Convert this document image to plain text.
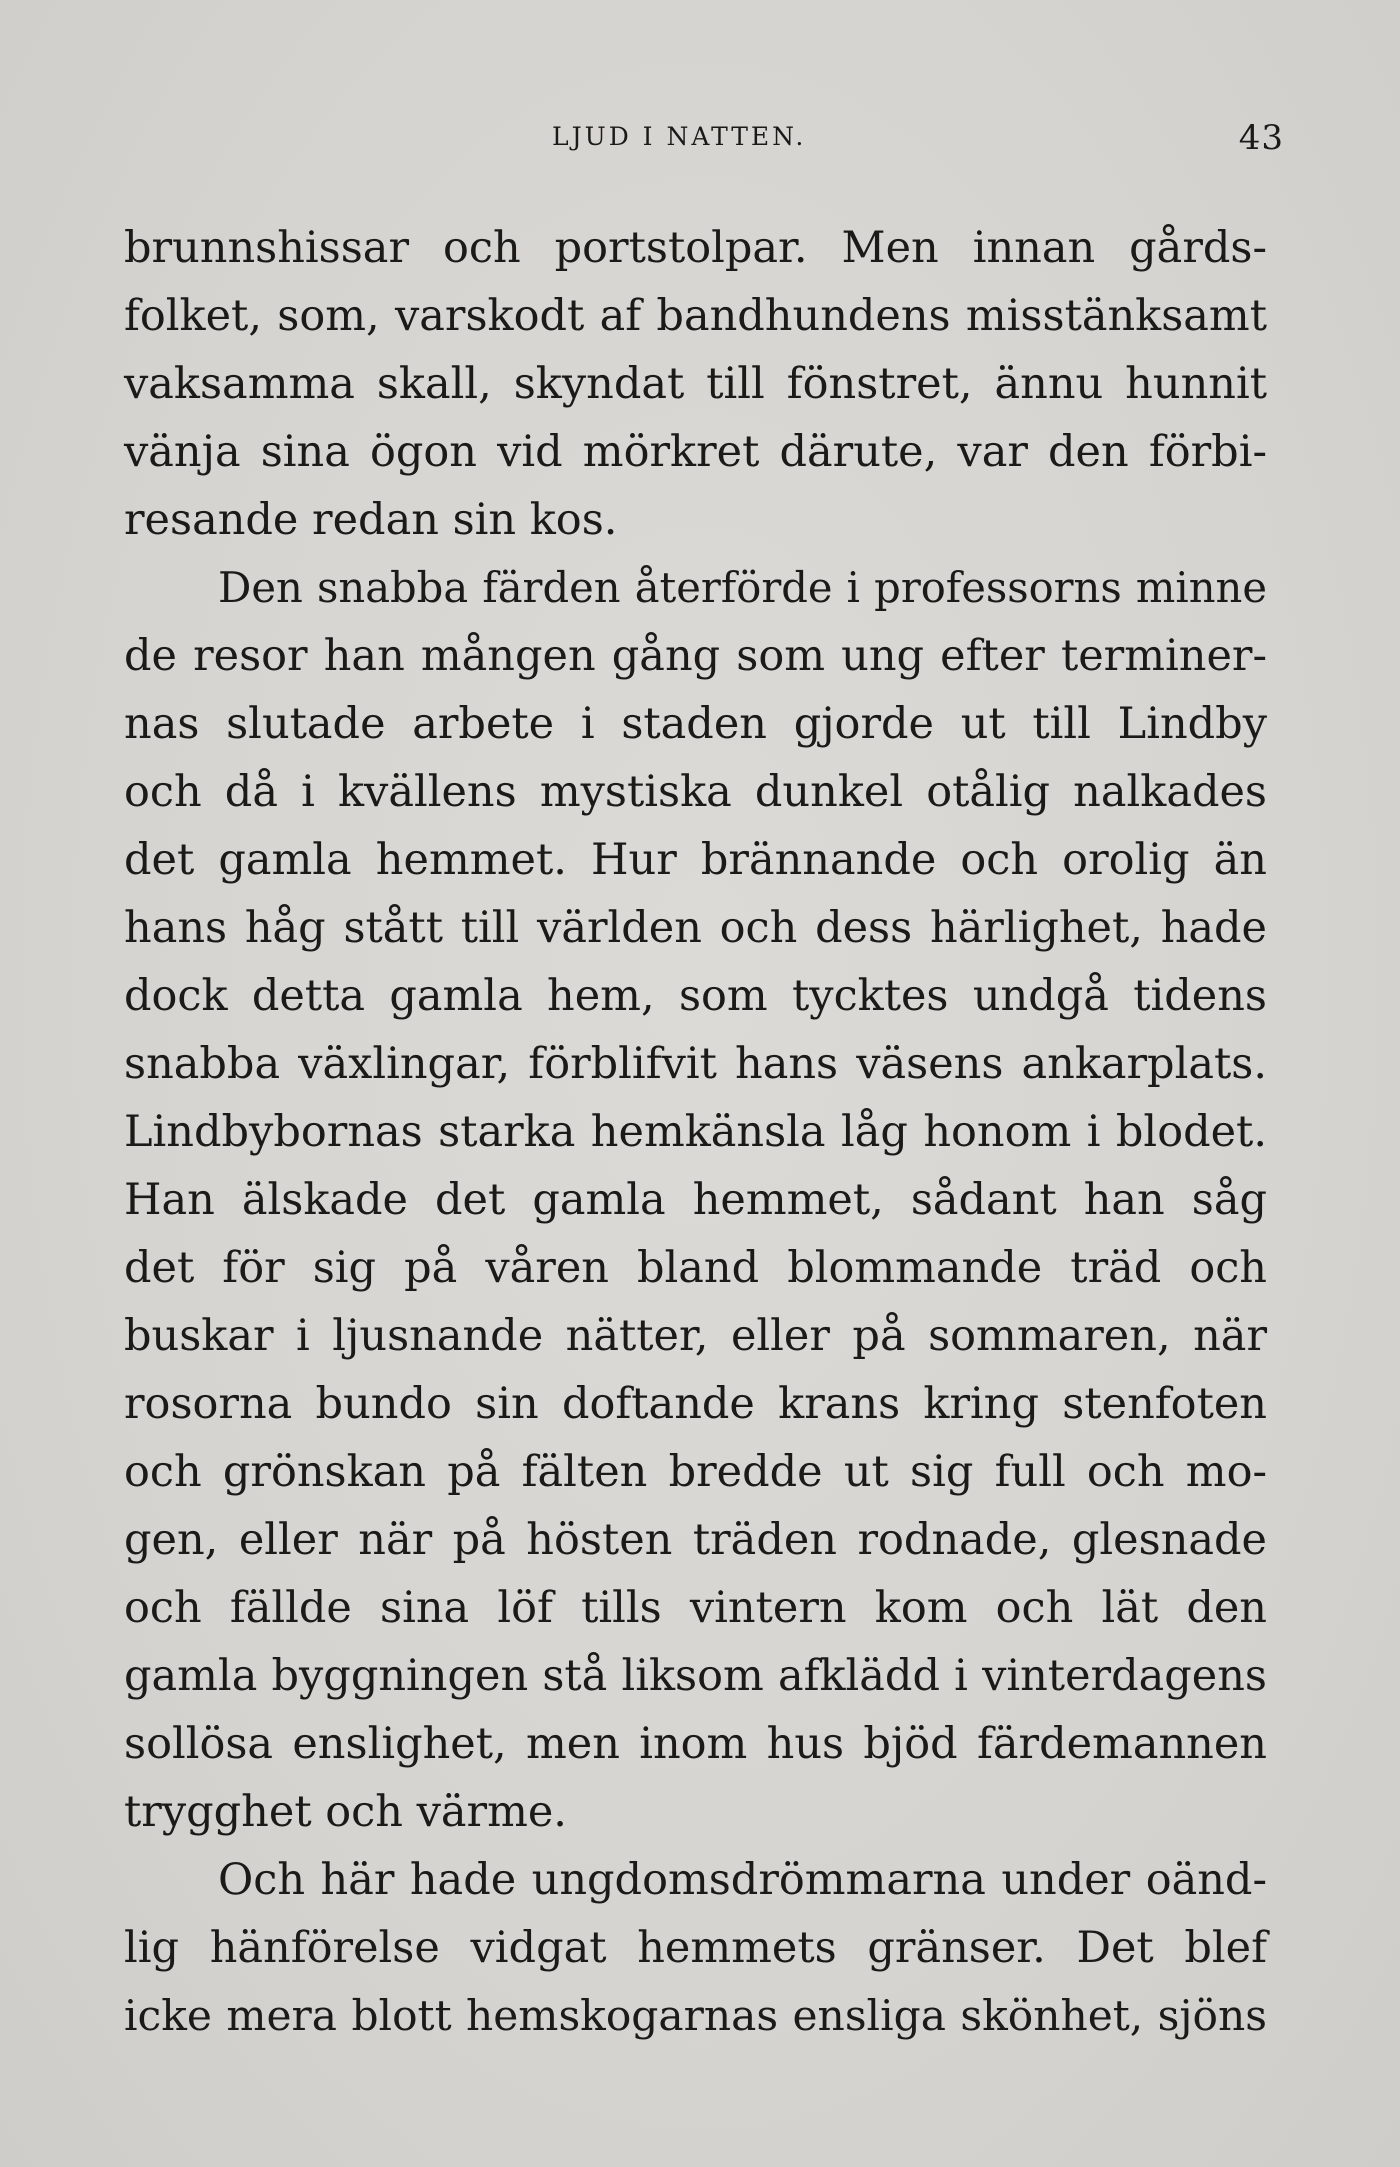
LJUD I NATTEN.	43
brunnshissar och portstolpar. Men innan gårds-
folket, som, varskodt af bandhundens misstänksamt
vaksamma skall, skyndat till fönstret, ännu hunnit
vänja sina ögon vid mörkret därute, var den förbi-
resande redan sin kos.
Den snabba färden återförde i professorns minne
de resor han mången gång som ung efter terminer-
nas slutade arbete i staden gjorde ut till Lindby
och då i kvällens mystiska dunkel otålig nalkades
det gamla hemmet. Hur brännande och orolig än
hans håg stått till världen och dess härlighet, hade
dock detta gamla hem, som tycktes undgå tidens
snabba växlingar, förblifvit hans väsens ankarplats.
Lindbybornas starka hemkänsla låg honom i blodet.
Han älskade det gamla hemmet, sådant han såg
det för sig på våren bland blommande träd och
buskar i ljusnande nätter, eller på sommaren, när
rosorna bundo sin doftande krans kring stenfoten
och grönskan på fälten bredde ut sig full och mo-
gen, eller när på hösten träden rodnade, glesnade
och fällde sina löf tills vintern kom och lät den
gamla byggningen stå liksom afklädd i vinterdagens
sollösa enslighet, men inom hus bjöd färdemannen
trygghet och värme.
Och här hade ungdomsdrömmarna under oänd-
lig hänförelse vidgat hemmets gränser. Det blef
icke mera blott hemskogarnas ensliga skönhet, sjöns
